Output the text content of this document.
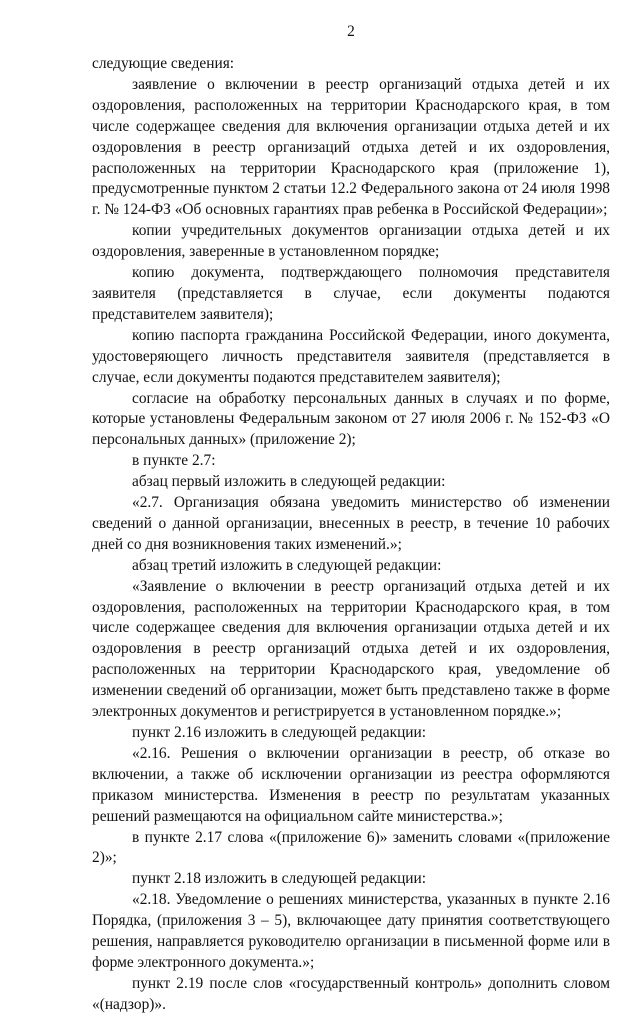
2

следующие сведения:

заявление о включении в реестр организаций отдыха детей и их оздоровления, расположенных на территории Краснодарского края, в том числе содержащее сведения для включения организации отдыха детей и их оздоровления в реестр организаций отдыха детей и их оздоровления, расположенных на территории Краснодарского края (приложение 1), предусмотренные пунктом 2 статьи 12.2 Федерального закона от 24 июля 1998 г. № 124-ФЗ «Об основных гарантиях прав ребенка в Российской Федерации»;

копии учредительных документов организации отдыха детей и их оздоровления, заверенные в установленном порядке;

копию документа, подтверждающего полномочия представителя заявителя (представляется в случае, если документы подаются представителем заявителя);

копию паспорта гражданина Российской Федерации, иного документа, удостоверяющего личность представителя заявителя (представляется в случае, если документы подаются представителем заявителя);

согласие на обработку персональных данных в случаях и по форме, которые установлены Федеральным законом от 27 июля 2006 г. № 152-ФЗ «О персональных данных» (приложение 2);

в пункте 2.7:

абзац первый изложить в следующей редакции:

«2.7. Организация обязана уведомить министерство об изменении сведений о данной организации, внесенных в реестр, в течение 10 рабочих дней со дня возникновения таких изменений.»;

абзац третий изложить в следующей редакции:

«Заявление о включении в реестр организаций отдыха детей и их оздоровления, расположенных на территории Краснодарского края, в том числе содержащее сведения для включения организации отдыха детей и их оздоровления в реестр организаций отдыха детей и их оздоровления, расположенных на территории Краснодарского края, уведомление об изменении сведений об организации, может быть представлено также в форме электронных документов и регистрируется в установленном порядке.»;

пункт 2.16 изложить в следующей редакции:

«2.16. Решения о включении организации в реестр, об отказе во включении, а также об исключении организации из реестра оформляются приказом министерства. Изменения в реестр по результатам указанных решений размещаются на официальном сайте министерства.»;

в пункте 2.17 слова «(приложение 6)» заменить словами «(приложение 2)»;

пункт 2.18 изложить в следующей редакции:

«2.18. Уведомление о решениях министерства, указанных в пункте 2.16 Порядка, (приложения 3 – 5), включающее дату принятия соответствующего решения, направляется руководителю организации в письменной форме или в форме электронного документа.»;

пункт 2.19 после слов «государственный контроль» дополнить словом «(надзор)».
